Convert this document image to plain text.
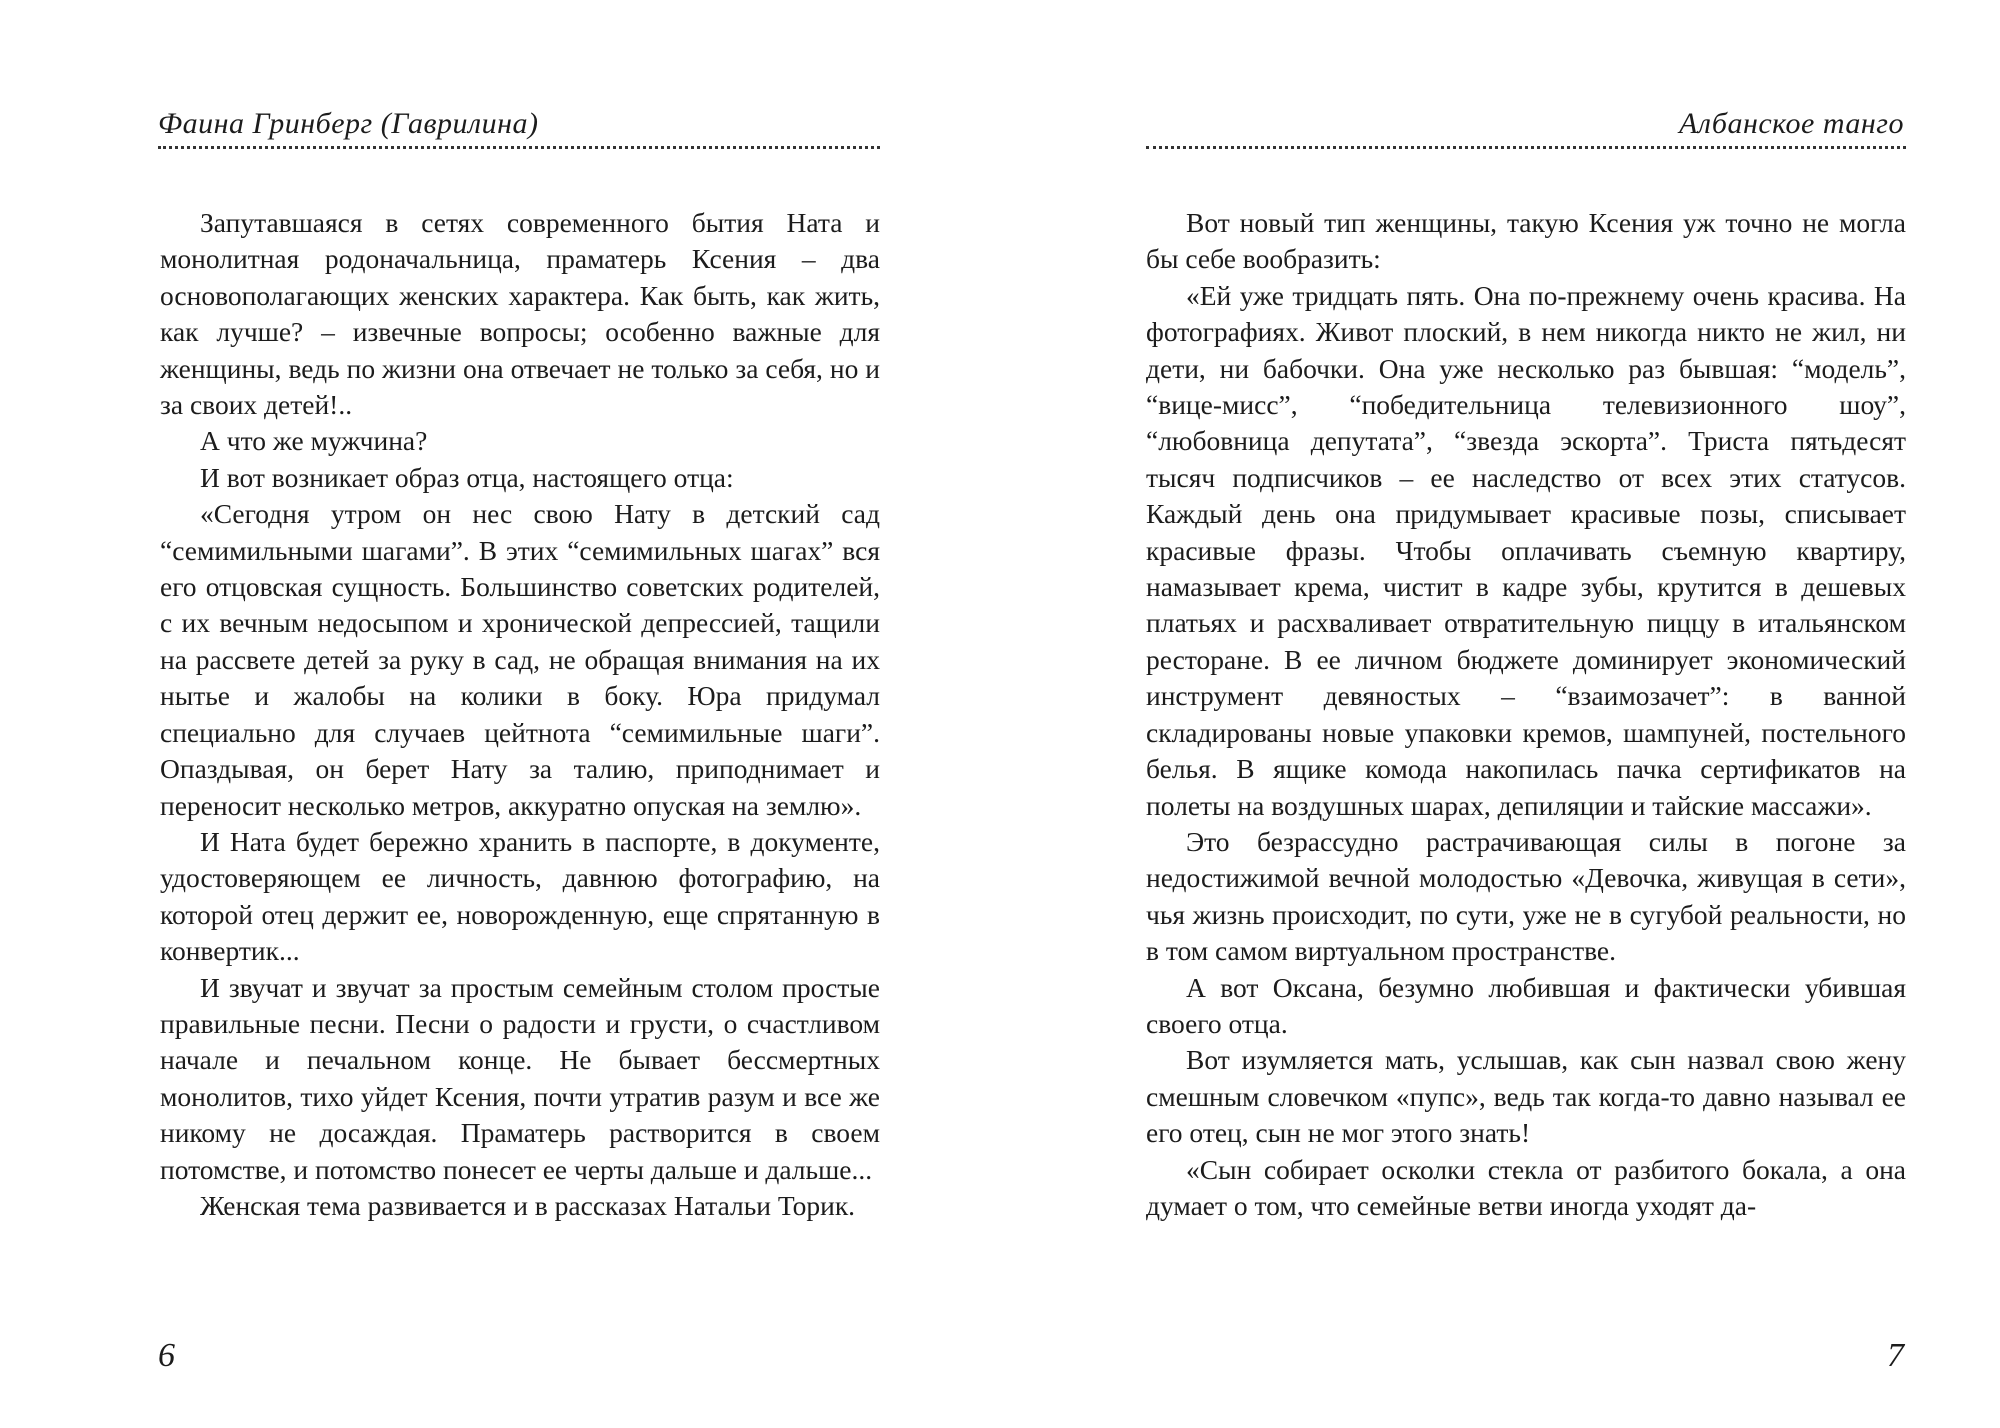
Фаина Гринберг (Гаврилина)

Запутавшаяся в сетях современного бытия Ната и монолитная родоначальница, праматерь Ксения – два основополагающих женских характера. Как быть, как жить, как лучше? – извечные вопросы; особенно важные для женщины, ведь по жизни она отвечает не только за себя, но и за своих детей!..

А что же мужчина?

И вот возникает образ отца, настоящего отца:

«Сегодня утром он нес свою Нату в детский сад “семимильными шагами”. В этих “семимильных шагах” вся его отцовская сущность. Большинство советских родителей, с их вечным недосыпом и хронической депрессией, тащили на рассвете детей за руку в сад, не обращая внимания на их нытье и жалобы на колики в боку. Юра придумал специально для случаев цейтнота “семимильные шаги”. Опаздывая, он берет Нату за талию, приподнимает и переносит несколько метров, аккуратно опуская на землю».

И Ната будет бережно хранить в паспорте, в документе, удостоверяющем ее личность, давнюю фотографию, на которой отец держит ее, новорожденную, еще спрятанную в конвертик...

И звучат и звучат за простым семейным столом простые правильные песни. Песни о радости и грусти, о счастливом начале и печальном конце. Не бывает бессмертных монолитов, тихо уйдет Ксения, почти утратив разум и все же никому не досаждая. Праматерь растворится в своем потомстве, и потомство понесет ее черты дальше и дальше...

Женская тема развивается и в рассказах Натальи Торик.

6
Албанское танго

Вот новый тип женщины, такую Ксения уж точно не могла бы себе вообразить:

«Ей уже тридцать пять. Она по-прежнему очень красива. На фотографиях. Живот плоский, в нем никогда никто не жил, ни дети, ни бабочки. Она уже несколько раз бывшая: “модель”, “вице-мисс”, “победительница телевизионного шоу”, “любовница депутата”, “звезда эскорта”. Триста пятьдесят тысяч подписчиков – ее наследство от всех этих статусов. Каждый день она придумывает красивые позы, списывает красивые фразы. Чтобы оплачивать съемную квартиру, намазывает крема, чистит в кадре зубы, крутится в дешевых платьях и расхваливает отвратительную пиццу в итальянском ресторане. В ее личном бюджете доминирует экономический инструмент девяностых – “взаимозачет”: в ванной складированы новые упаковки кремов, шампуней, постельного белья. В ящике комода накопилась пачка сертификатов на полеты на воздушных шарах, депиляции и тайские массажи».

Это безрассудно растрачивающая силы в погоне за недостижимой вечной молодостью «Девочка, живущая в сети», чья жизнь происходит, по сути, уже не в сугубой реальности, но в том самом виртуальном пространстве.

А вот Оксана, безумно любившая и фактически убившая своего отца.

Вот изумляется мать, услышав, как сын назвал свою жену смешным словечком «пупс», ведь так когда-то давно называл ее его отец, сын не мог этого знать!

«Сын собирает осколки стекла от разбитого бокала, а она думает о том, что семейные ветви иногда уходят да-

7
